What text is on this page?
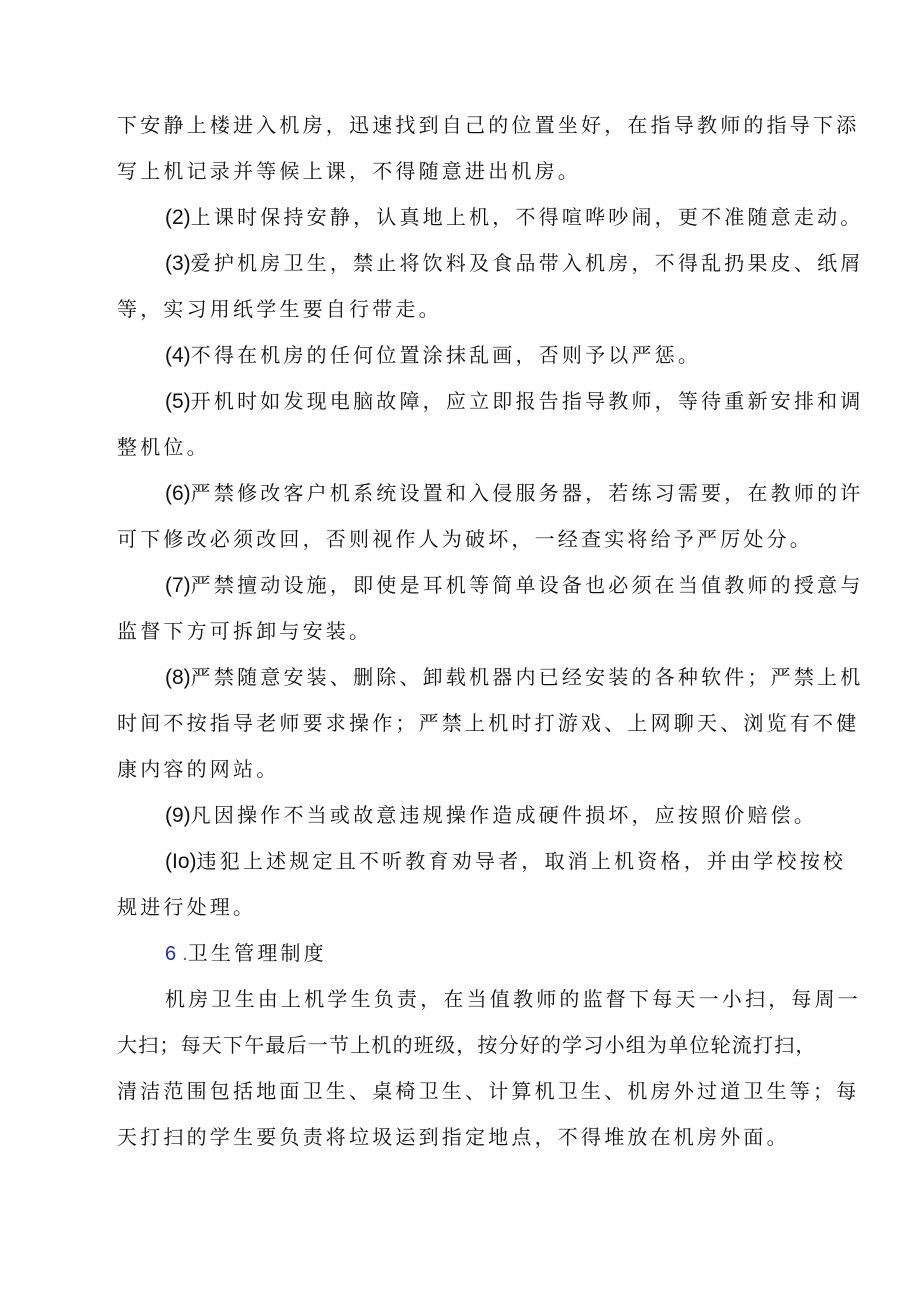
下安静上楼进入机房，迅速找到自己的位置坐好，在指导教师的指导下添
写上机记录并等候上课，不得随意进出机房。
(2)上课时保持安静，认真地上机，不得喧哗吵闹，更不准随意走动。
(3)爱护机房卫生，禁止将饮料及食品带入机房，不得乱扔果皮、纸屑
等，实习用纸学生要自行带走。
(4)不得在机房的任何位置涂抹乱画，否则予以严惩。
(5)开机时如发现电脑故障，应立即报告指导教师，等待重新安排和调
整机位。
(6)严禁修改客户机系统设置和入侵服务器，若练习需要，在教师的许
可下修改必须改回，否则视作人为破坏，一经查实将给予严厉处分。
(7)严禁擅动设施，即使是耳机等简单设备也必须在当值教师的授意与
监督下方可拆卸与安装。
(8)严禁随意安装、删除、卸载机器内已经安装的各种软件；严禁上机
时间不按指导老师要求操作；严禁上机时打游戏、上网聊天、浏览有不健
康内容的网站。
(9)凡因操作不当或故意违规操作造成硬件损坏，应按照价赔偿。
(Io)违犯上述规定且不听教育劝导者，取消上机资格，并由学校按校
规进行处理。
6 .卫生管理制度
机房卫生由上机学生负责，在当值教师的监督下每天一小扫，每周一
大扫；每天下午最后一节上机的班级，按分好的学习小组为单位轮流打扫，
清洁范围包括地面卫生、桌椅卫生、计算机卫生、机房外过道卫生等；每
天打扫的学生要负责将垃圾运到指定地点，不得堆放在机房外面。
